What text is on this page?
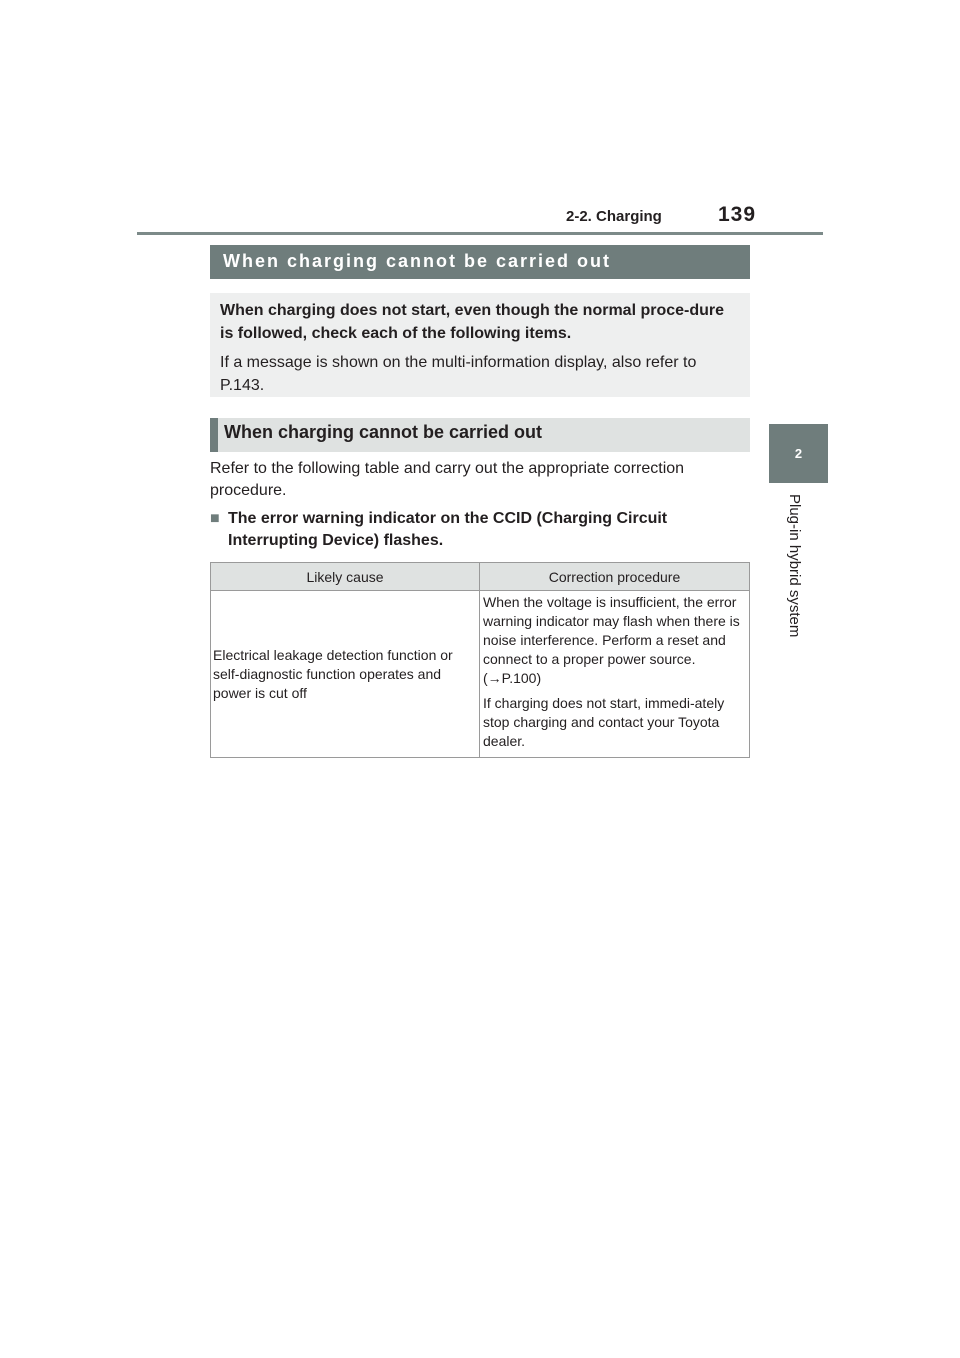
2-2. Charging	139
2
Plug-in hybrid system
When charging cannot be carried out

When charging does not start, even though the normal proce-dure is followed, check each of the following items.

If a message is shown on the multi-information display, also refer to P.143.

When charging cannot be carried out

Refer to the following table and carry out the appropriate correction procedure.

■ The error warning indicator on the CCID (Charging Circuit Interrupting Device) flashes.
Likely cause	Correction procedure
Electrical leakage detection function or self-diagnostic function operates and power is cut off	When the voltage is insufficient, the error warning indicator may flash when there is noise interference. Perform a reset and connect to a proper power source. (→P.100)

If charging does not start, immedi-ately stop charging and contact your Toyota dealer.
